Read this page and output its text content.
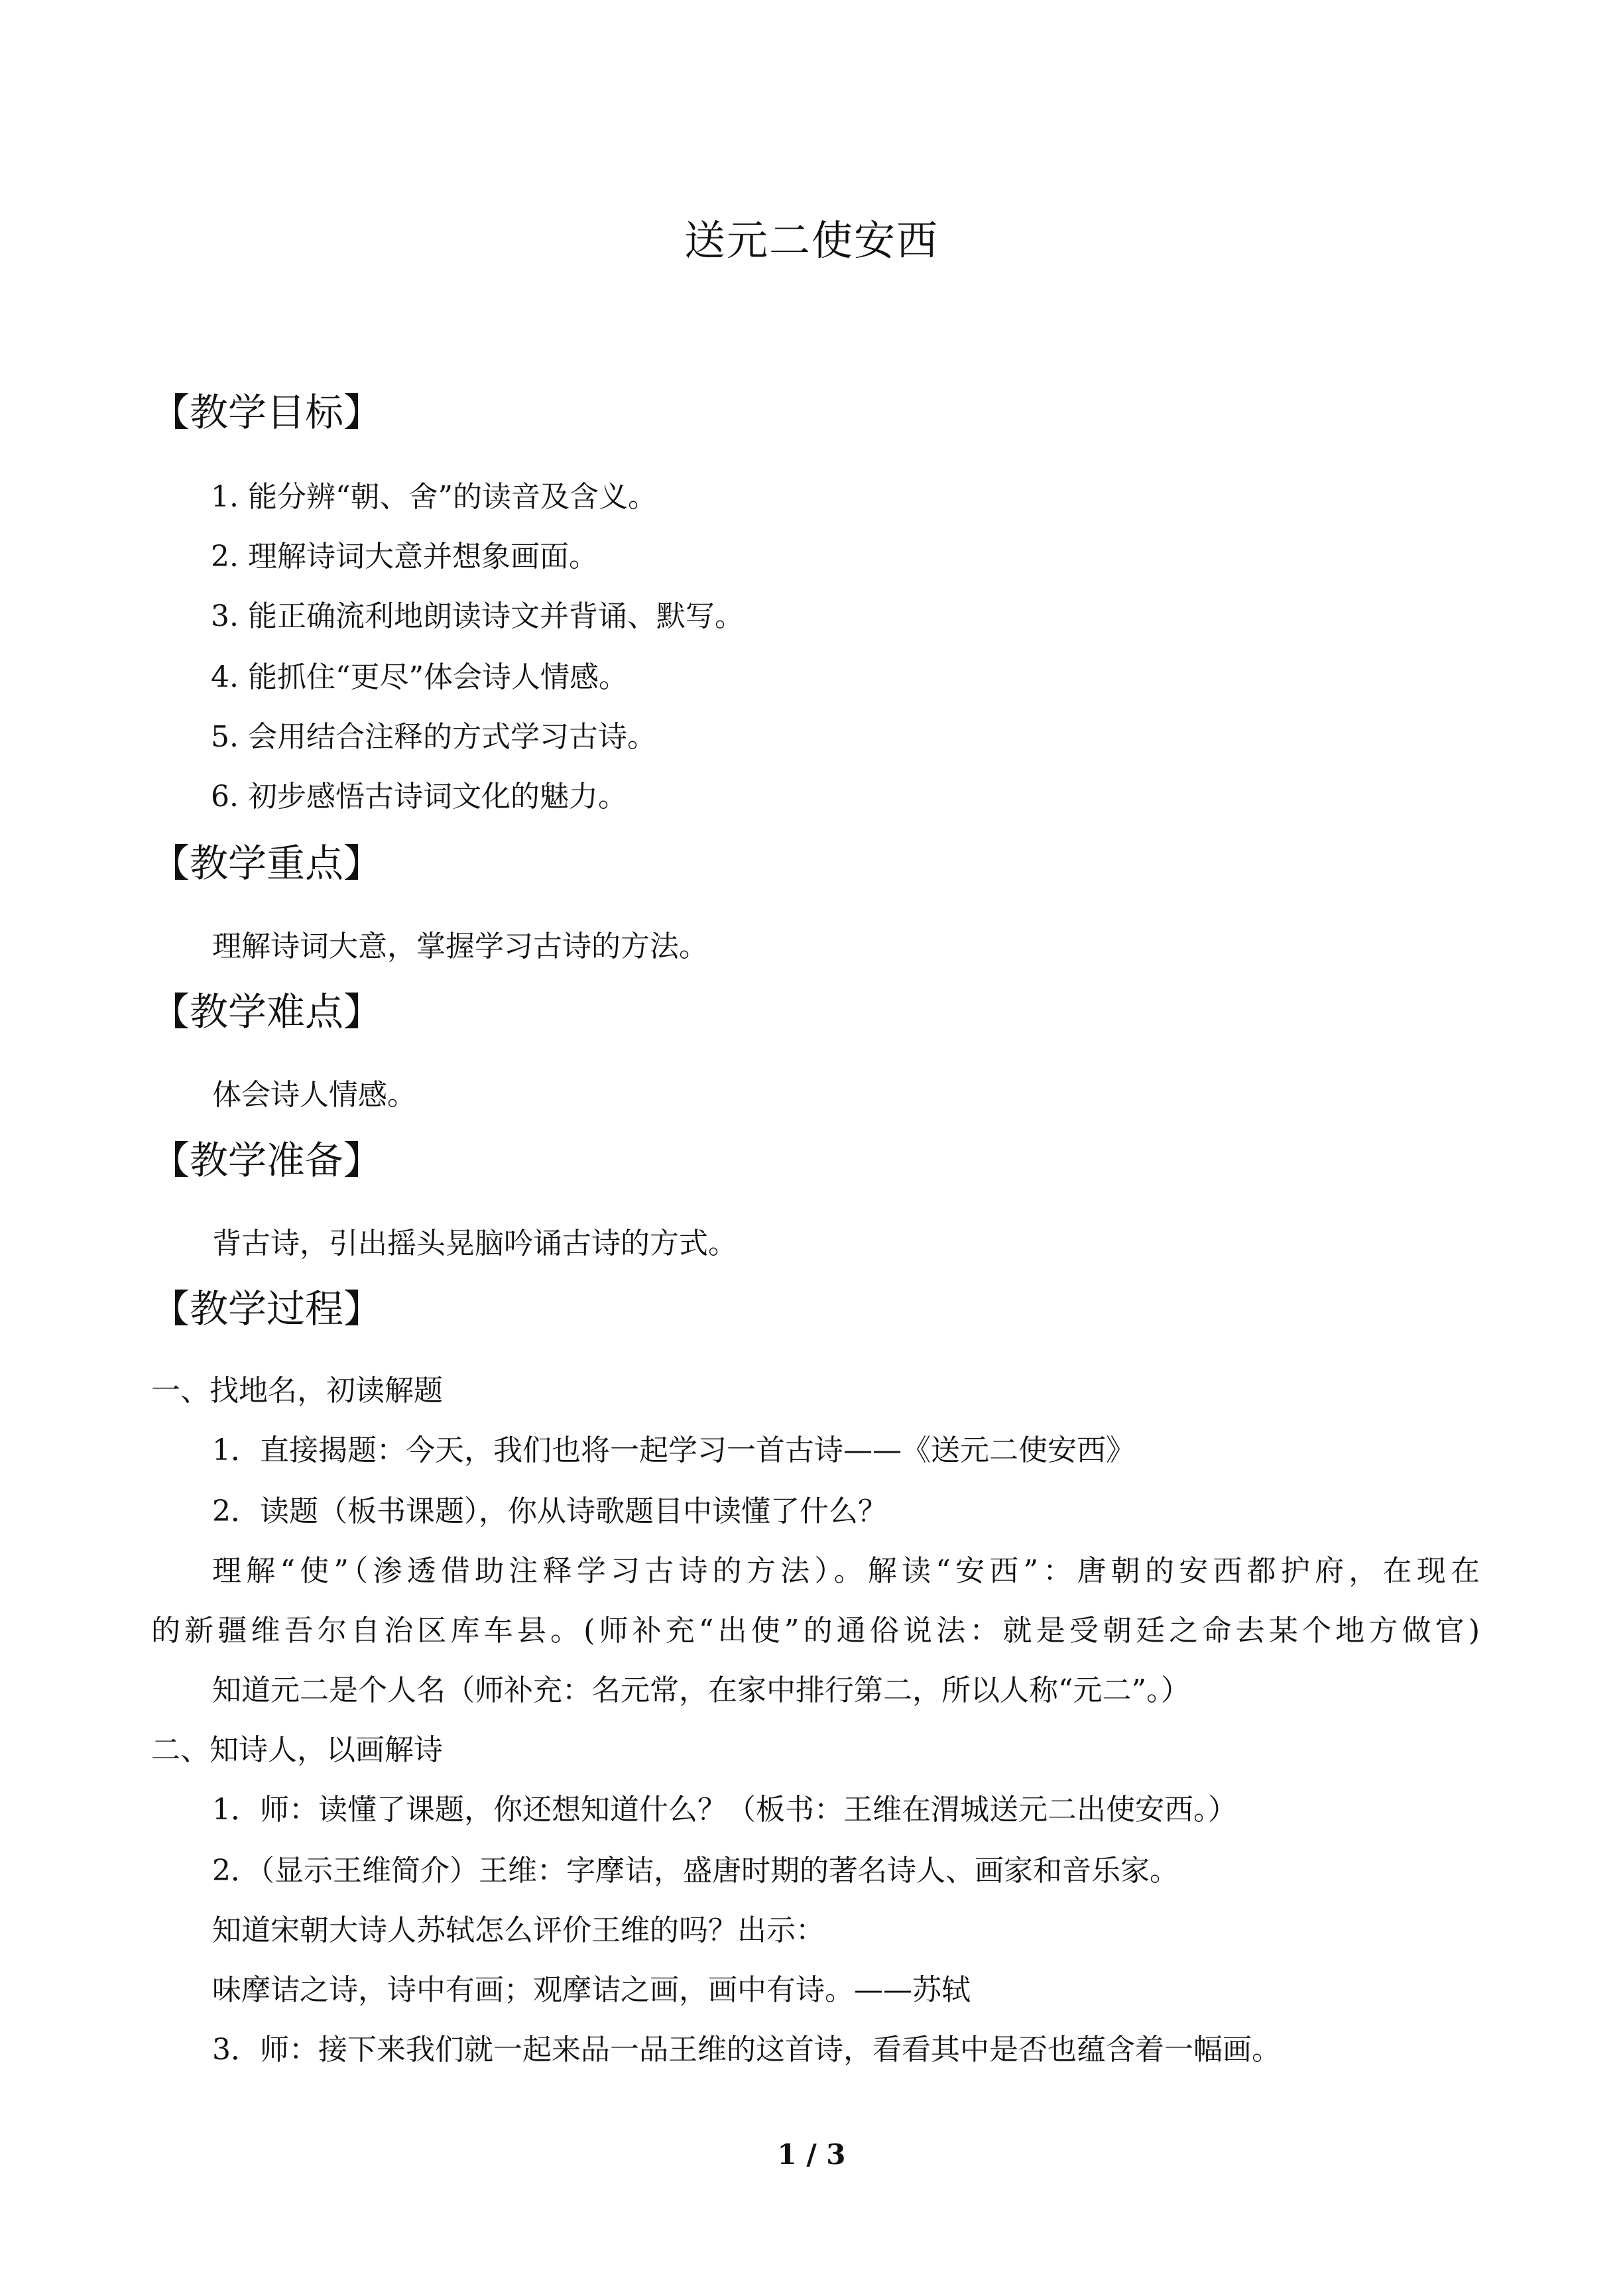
送元二使安西
【教学目标】
1. 能分辨“朝、舍”的读音及含义。
2. 理解诗词大意并想象画面。
3. 能正确流利地朗读诗文并背诵、默写。
4. 能抓住“更尽”体会诗人情感。
5. 会用结合注释的方式学习古诗。
6. 初步感悟古诗词文化的魅力。
【教学重点】
理解诗词大意，掌握学习古诗的方法。
【教学难点】
体会诗人情感。
【教学准备】
背古诗，引出摇头晃脑吟诵古诗的方式。
【教学过程】
一、找地名，初读解题
1．直接揭题：今天，我们也将一起学习一首古诗——《送元二使安西》
2．读题（板书课题），你从诗歌题目中读懂了什么？
理解“使”（渗透借助注释学习古诗的方法）。解读“安西”：唐朝的安西都护府，在现在
的新疆维吾尔自治区库车县。(师补充“出使”的通俗说法：就是受朝廷之命去某个地方做官)
知道元二是个人名（师补充：名元常，在家中排行第二，所以人称“元二”。）
二、知诗人，以画解诗
1．师：读懂了课题，你还想知道什么？（板书：王维在渭城送元二出使安西。）
2．（显示王维简介）王维：字摩诘，盛唐时期的著名诗人、画家和音乐家。
知道宋朝大诗人苏轼怎么评价王维的吗？出示：
味摩诘之诗，诗中有画；观摩诘之画，画中有诗。——苏轼
3．师：接下来我们就一起来品一品王维的这首诗，看看其中是否也蕴含着一幅画。
1 / 3
